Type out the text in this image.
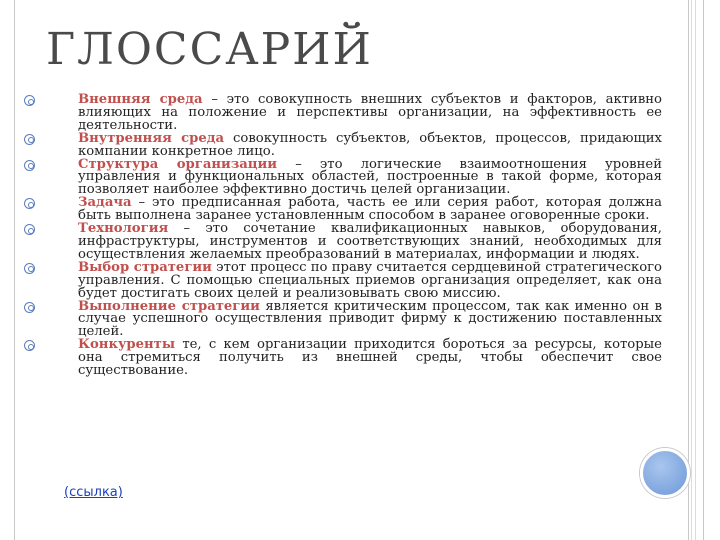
ГЛОССАРИЙ
Внешняя среда – это совокупность внешних субъектов и факторов, активно влияющих на положение и перспективы организации, на эффективность ее деятельности.
Внутренняя среда совокупность субъектов, объектов, процессов, придающих компании конкретное лицо.
Структура организации – это логические взаимоотношения уровней управления и функциональных областей, построенные в такой форме, которая позволяет наиболее эффективно достичь целей организации.
Задача – это предписанная работа, часть ее или серия работ, которая должна быть выполнена заранее установленным способом в заранее оговоренные сроки.
Технология – это сочетание квалификационных навыков, оборудования, инфраструктуры, инструментов и соответствующих знаний, необходимых для осуществления желаемых преобразований в материалах, информации и людях.
Выбор стратегии этот процесс по праву считается сердцевиной стратегического управления. С помощью специальных приемов организация определяет, как она будет достигать своих целей и реализовывать свою миссию.
Выполнение стратегии является критическим процессом, так как именно он в случае успешного осуществления приводит фирму к достижению поставленных целей.
Конкуренты те, с кем организации приходится бороться за ресурсы, которые она стремиться получить из внешней среды, чтобы обеспечит свое существование.
(ссылка)
